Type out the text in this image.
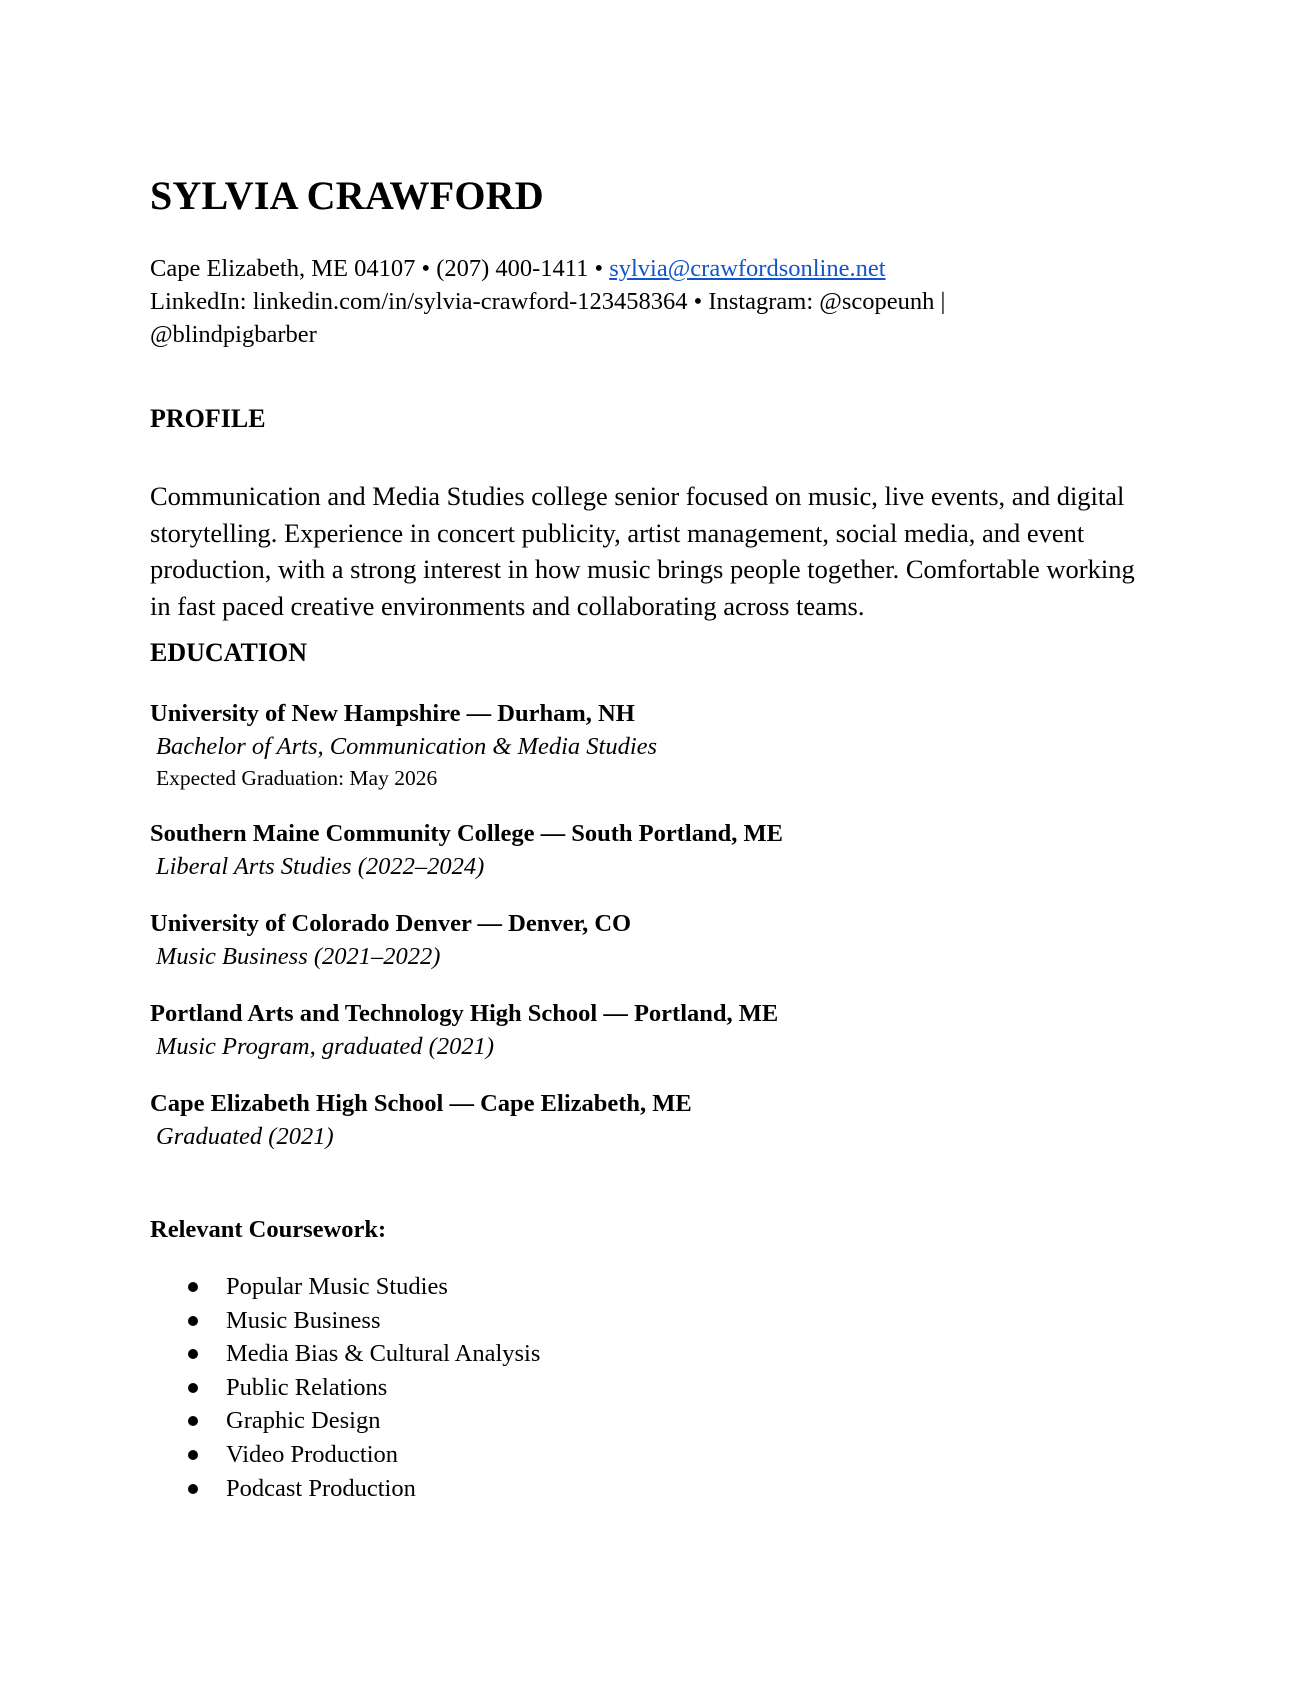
SYLVIA CRAWFORD
Cape Elizabeth, ME 04107 • (207) 400-1411 • sylvia@crawfordsonline.net
LinkedIn: linkedin.com/in/sylvia-crawford-123458364 • Instagram: @scopeunh |
@blindpigbarber
PROFILE

Communication and Media Studies college senior focused on music, live events, and digital storytelling. Experience in concert publicity, artist management, social media, and event production, with a strong interest in how music brings people together. Comfortable working in fast paced creative environments and collaborating across teams.

EDUCATION
University of New Hampshire — Durham, NH
Bachelor of Arts, Communication & Media Studies
Expected Graduation: May 2026
Southern Maine Community College — South Portland, ME
Liberal Arts Studies (2022–2024)
University of Colorado Denver — Denver, CO
Music Business (2021–2022)
Portland Arts and Technology High School — Portland, ME
Music Program, graduated (2021)
Cape Elizabeth High School — Cape Elizabeth, ME
Graduated (2021)
Relevant Coursework:
Popular Music Studies
Music Business
Media Bias & Cultural Analysis
Public Relations
Graphic Design
Video Production
Podcast Production
